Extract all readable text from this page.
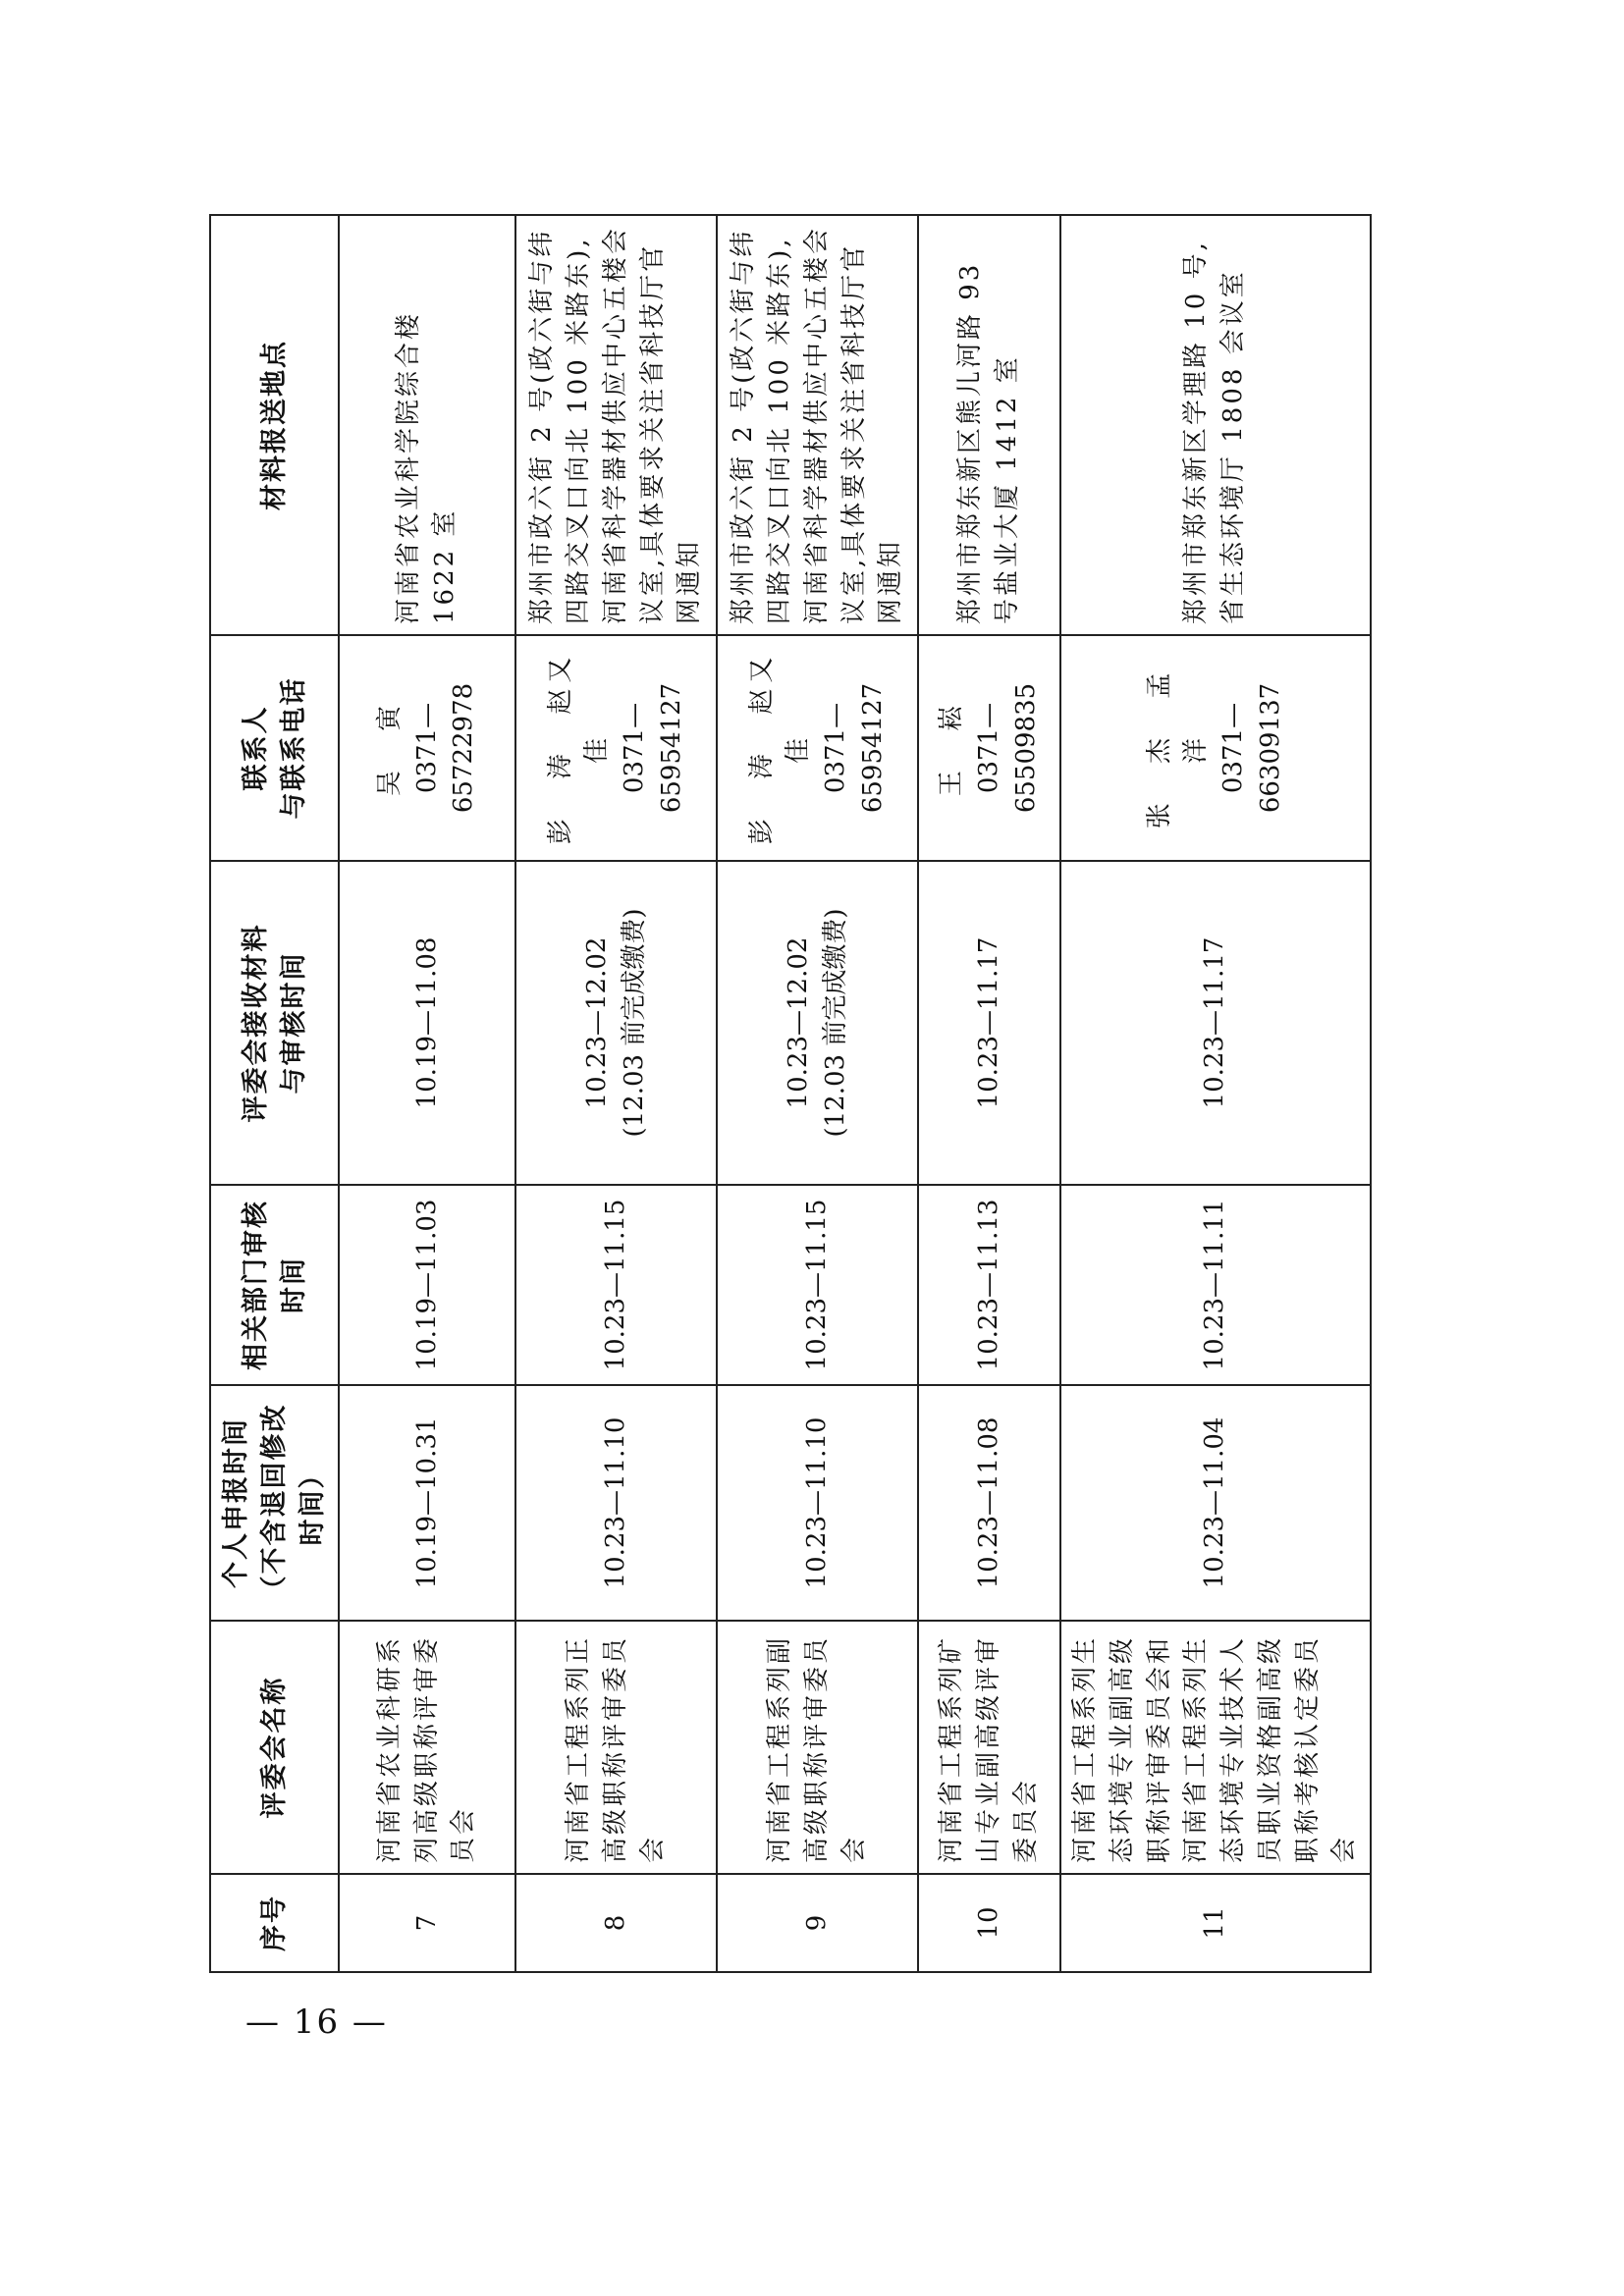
序号	评委会名称	个人申报时间 （不含退回修改时间）	相关部门审核 时间	评委会接收材料 与审核时间	联系人 与联系电话	材料报送地点
7	河南省农业科研系列高级职称评审委员会	10.19—10.31	10.19—11.03	10.19—11.08	吴 寅 0371—65722978	河南省农业科学院综合楼 1622 室
8	河南省工程系列正高级职称评审委员会	10.23—11.10	10.23—11.15	10.23—12.02 (12.03 前完成缴费)	彭 涛 赵又佳 0371—65954127	郑州市政六街 2 号(政六街与纬四路交叉口向北 100 米路东),河南省科学器材供应中心五楼会议室,具体要求关注省科技厅官网通知
9	河南省工程系列副高级职称评审委员会	10.23—11.10	10.23—11.15	10.23—12.02 (12.03 前完成缴费)	彭 涛 赵又佳 0371—65954127	郑州市政六街 2 号(政六街与纬四路交叉口向北 100 米路东),河南省科学器材供应中心五楼会议室,具体要求关注省科技厅官网通知
10	河南省工程系列矿山专业副高级评审委员会	10.23—11.08	10.23—11.13	10.23—11.17	王 崧 0371—65509835	郑州市郑东新区熊儿河路 93 号盐业大厦 1412 室
11	河南省工程系列生态环境专业副高级职称评审委员会和河南省工程系列生态环境专业技术人员职业资格副高级职称考核认定委员会	10.23—11.04	10.23—11.11	10.23—11.17	张 杰 孟 洋 0371—66309137	郑州市郑东新区学理路 10 号,省生态环境厅 1808 会议室
— 16 —
